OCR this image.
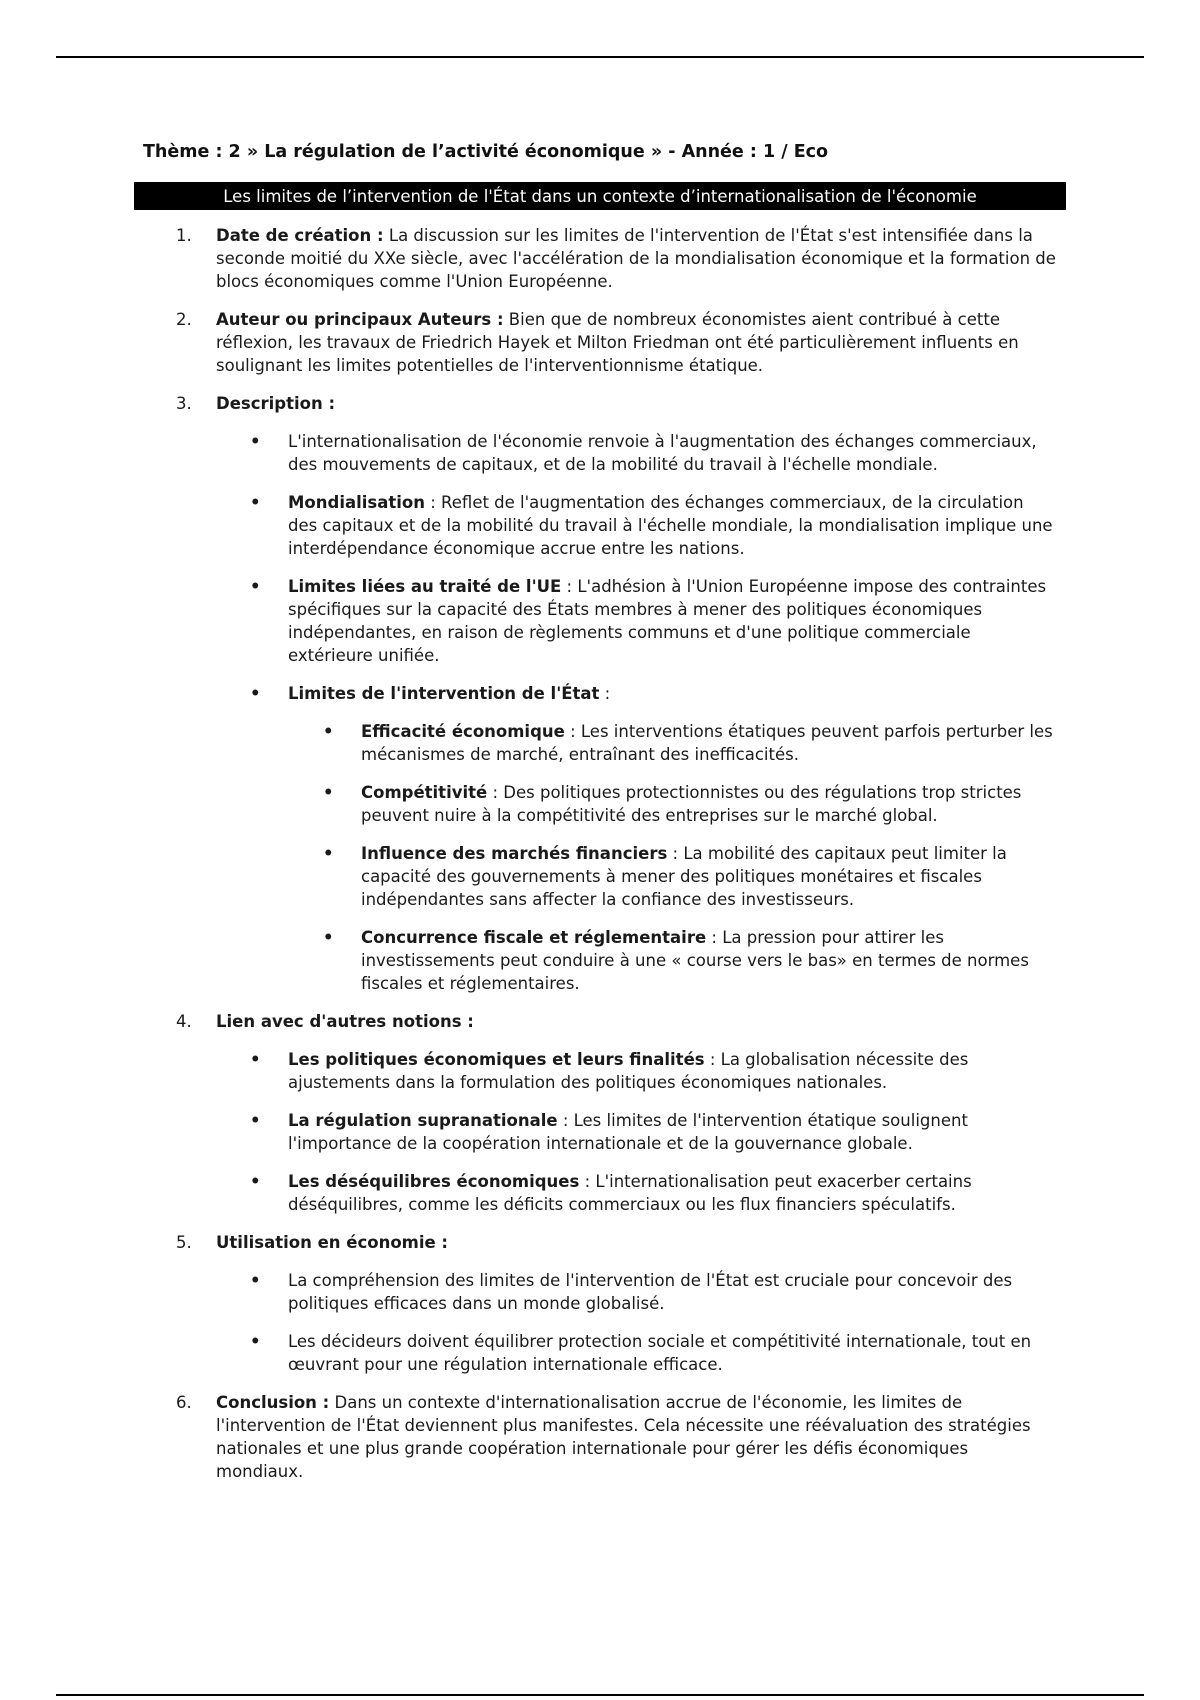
Thème : 2 » La régulation de l’activité économique » - Année : 1 / Eco
Les limites de l’intervention de l'État dans un contexte d’internationalisation de l'économie
1. Date de création : La discussion sur les limites de l'intervention de l'État s'est intensifiée dans la seconde moitié du XXe siècle, avec l'accélération de la mondialisation économique et la formation de blocs économiques comme l'Union Européenne.
2. Auteur ou principaux Auteurs : Bien que de nombreux économistes aient contribué à cette réflexion, les travaux de Friedrich Hayek et Milton Friedman ont été particulièrement influents en soulignant les limites potentielles de l'interventionnisme étatique.
3. Description :
• L'internationalisation de l'économie renvoie à l'augmentation des échanges commerciaux, des mouvements de capitaux, et de la mobilité du travail à l'échelle mondiale.
• Mondialisation : Reflet de l'augmentation des échanges commerciaux, de la circulation des capitaux et de la mobilité du travail à l'échelle mondiale, la mondialisation implique une interdépendance économique accrue entre les nations.
• Limites liées au traité de l'UE : L'adhésion à l'Union Européenne impose des contraintes spécifiques sur la capacité des États membres à mener des politiques économiques indépendantes, en raison de règlements communs et d'une politique commerciale extérieure unifiée.
• Limites de l'intervention de l'État :
• Efficacité économique : Les interventions étatiques peuvent parfois perturber les mécanismes de marché, entraînant des inefficacités.
• Compétitivité : Des politiques protectionnistes ou des régulations trop strictes peuvent nuire à la compétitivité des entreprises sur le marché global.
• Influence des marchés financiers : La mobilité des capitaux peut limiter la capacité des gouvernements à mener des politiques monétaires et fiscales indépendantes sans affecter la confiance des investisseurs.
• Concurrence fiscale et réglementaire : La pression pour attirer les investissements peut conduire à une « course vers le bas» en termes de normes fiscales et réglementaires.
4. Lien avec d'autres notions :
• Les politiques économiques et leurs finalités : La globalisation nécessite des ajustements dans la formulation des politiques économiques nationales.
• La régulation supranationale : Les limites de l'intervention étatique soulignent l'importance de la coopération internationale et de la gouvernance globale.
• Les déséquilibres économiques : L'internationalisation peut exacerber certains déséquilibres, comme les déficits commerciaux ou les flux financiers spéculatifs.
5. Utilisation en économie :
• La compréhension des limites de l'intervention de l'État est cruciale pour concevoir des politiques efficaces dans un monde globalisé.
• Les décideurs doivent équilibrer protection sociale et compétitivité internationale, tout en œuvrant pour une régulation internationale efficace.
6. Conclusion : Dans un contexte d'internationalisation accrue de l'économie, les limites de l'intervention de l'État deviennent plus manifestes. Cela nécessite une réévaluation des stratégies nationales et une plus grande coopération internationale pour gérer les défis économiques mondiaux.
